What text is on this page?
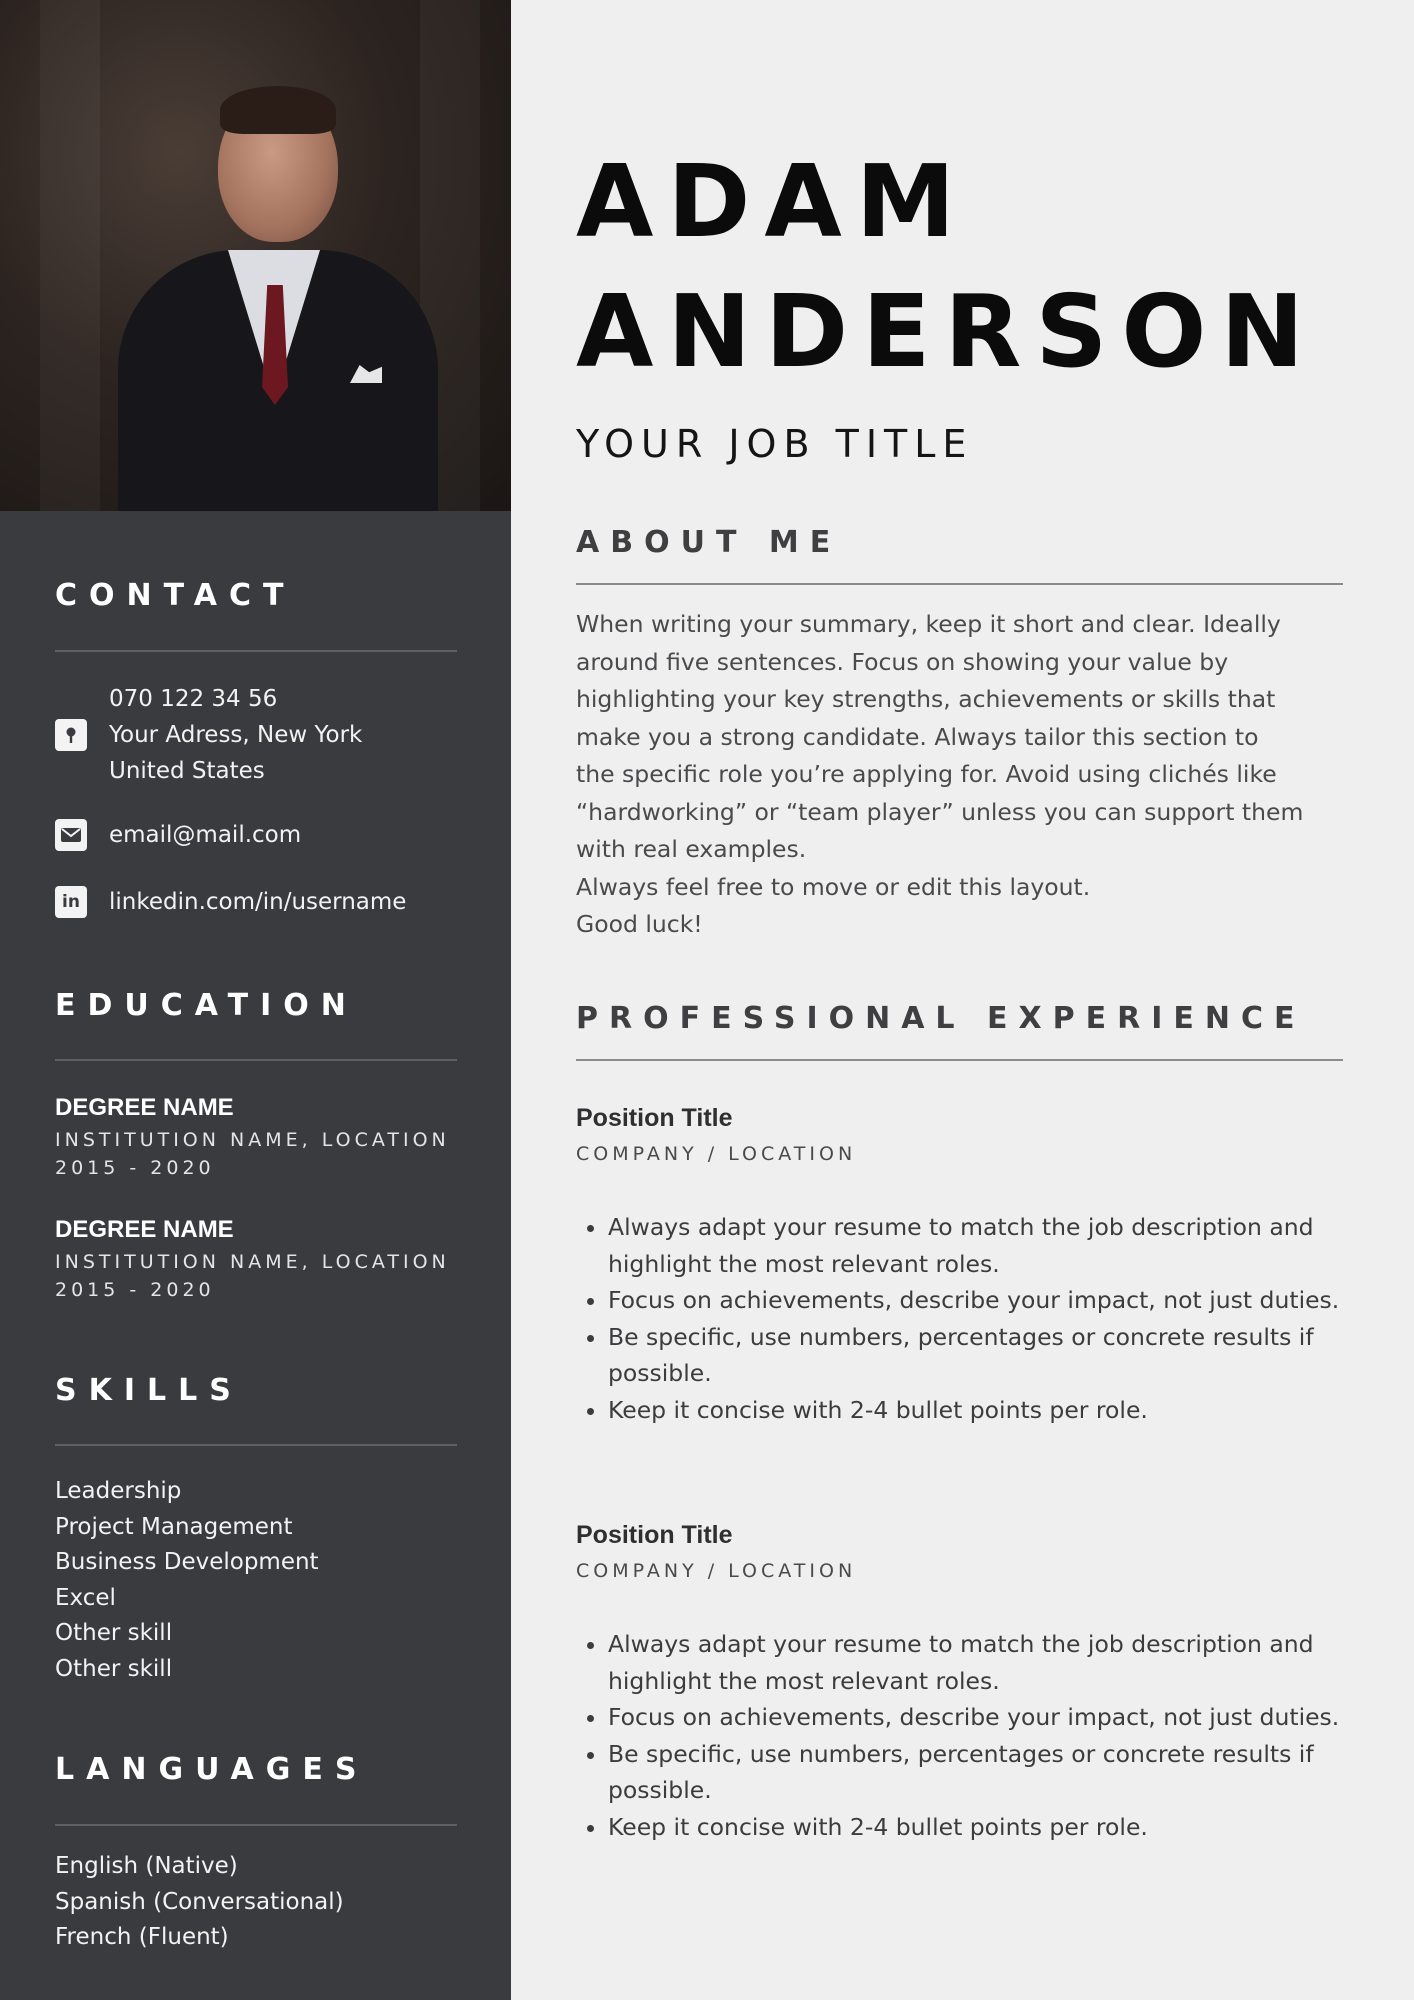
CONTACT
070 122 34 56
Your Adress, New York
United States
email@mail.com
in linkedin.com/in/username
EDUCATION
DEGREE NAME
INSTITUTION NAME, LOCATION
2015 - 2020
DEGREE NAME
INSTITUTION NAME, LOCATION
2015 - 2020
SKILLS
Leadership
Project Management
Business Development
Excel
Other skill
Other skill
LANGUAGES
English (Native)
Spanish (Conversational)
French (Fluent)
ADAM
ANDERSON
YOUR JOB TITLE
ABOUT ME

When writing your summary, keep it short and clear. Ideally

around five sentences. Focus on showing your value by

highlighting your key strengths, achievements or skills that

make you a strong candidate. Always tailor this section to

the specific role you’re applying for. Avoid using clichés like

“hardworking” or “team player” unless you can support them

with real examples.

Always feel free to move or edit this layout.

Good luck!

PROFESSIONAL EXPERIENCE
Position Title
COMPANY / LOCATION
• Always adapt your resume to match the job description and highlight the most relevant roles.
• Focus on achievements, describe your impact, not just duties.
• Be specific, use numbers, percentages or concrete results if possible.
• Keep it concise with 2-4 bullet points per role.
Position Title
COMPANY / LOCATION
• Always adapt your resume to match the job description and highlight the most relevant roles.
• Focus on achievements, describe your impact, not just duties.
• Be specific, use numbers, percentages or concrete results if possible.
• Keep it concise with 2-4 bullet points per role.
